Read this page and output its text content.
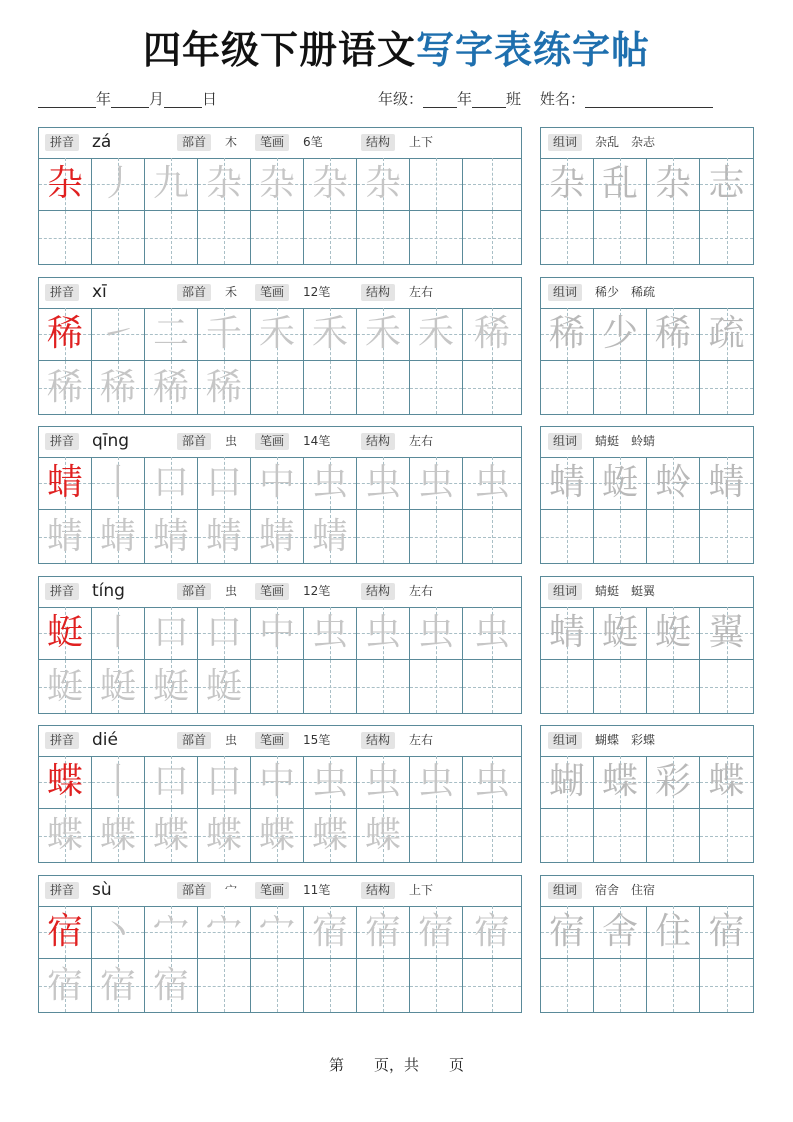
四年级下册语文写字表练字帖
年	月	日	年级： 年 班 姓名：
拼音 zá	部首	木	笔画	6笔	结构	上下
杂 丿 九 杂 杂 杂 杂
组词	杂乱　杂志
杂 乱 杂 志
拼音 xī	部首	禾	笔画	12笔	结构	左右
稀 ㇀ 二 千 禾 禾 禾 禾 稀
稀 稀 稀 稀
组词	稀少　稀疏
稀 少 稀 疏
拼音 qīng	部首	虫	笔画	14笔	结构	左右
蜻 丨 口 口 中 虫 虫 虫 虫
蜻 蜻 蜻 蜻 蜻 蜻
组词	蜻蜓　蛉蜻
蜻 蜓 蛉 蜻
拼音 tíng	部首	虫	笔画	12笔	结构	左右
蜓 丨 口 口 中 虫 虫 虫 虫
蜓 蜓 蜓 蜓
组词	蜻蜓　蜓翼
蜻 蜓 蜓 翼
拼音 dié	部首	虫	笔画	15笔	结构	左右
蝶 丨 口 口 中 虫 虫 虫 虫
蝶 蝶 蝶 蝶 蝶 蝶 蝶
组词	蝴蝶　彩蝶
蝴 蝶 彩 蝶
拼音 sù	部首	宀	笔画	11笔	结构	上下
宿 丶 宀 宀 宀 宿 宿 宿 宿
宿 宿 宿
组词	宿舍　住宿
宿 舍 住 宿
第　　页，共　　页
